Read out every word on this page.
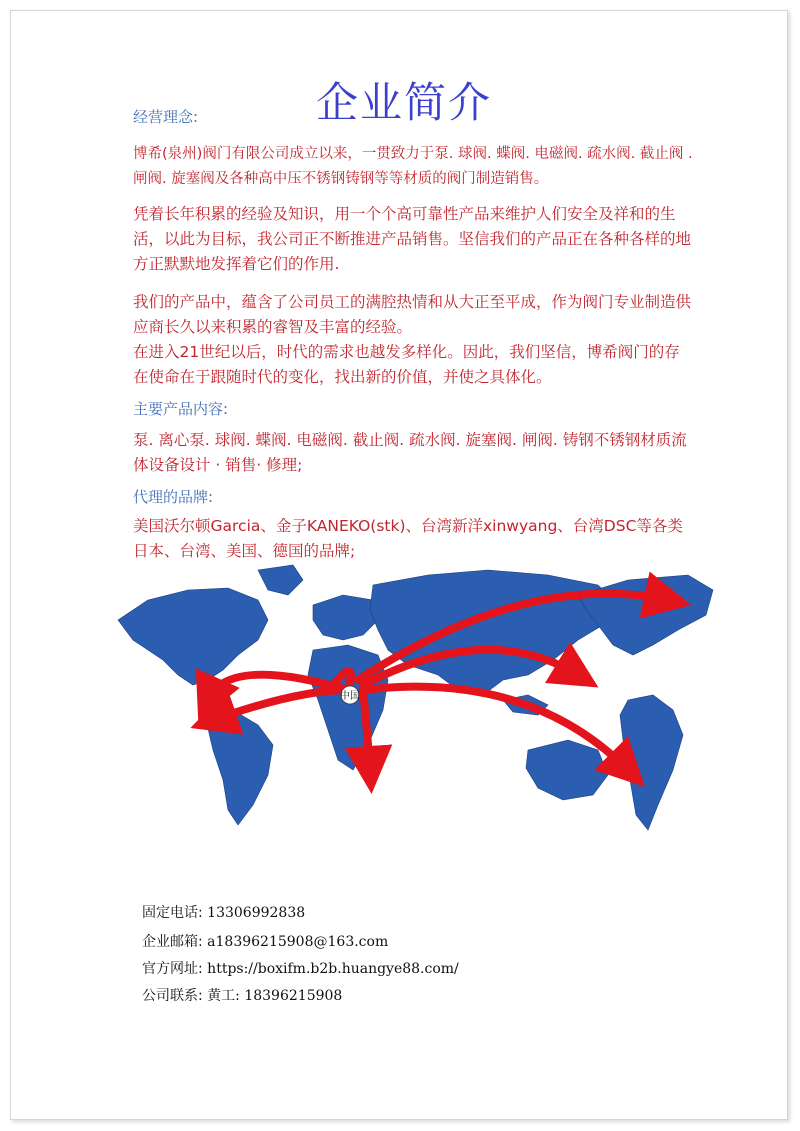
企业简介
经营理念:
博希(泉州)阀门有限公司成立以来，一贯致力于泵. 球阀. 蝶阀. 电磁阀. 疏水阀. 截止阀 . 闸阀. 旋塞阀及各种高中压不锈钢铸钢等等材质的阀门制造销售。
凭着长年积累的经验及知识，用一个个高可靠性产品来维护人们安全及祥和的生活，以此为目标，我公司正不断推进产品销售。坚信我们的产品正在各种各样的地方正默默地发挥着它们的作用.
我们的产品中，蕴含了公司员工的满腔热情和从大正至平成，作为阀门专业制造供应商长久以来积累的睿智及丰富的经验。
在进入21世纪以后，时代的需求也越发多样化。因此，我们坚信，博希阀门的存在使命在于跟随时代的变化，找出新的价值，并使之具体化。
主要产品内容:
泵. 离心泵. 球阀. 蝶阀. 电磁阀. 截止阀. 疏水阀. 旋塞阀. 闸阀. 铸钢不锈钢材质流体设备设计 · 销售· 修理;
代理的品牌:
美国沃尔顿Garcia、金子KANEKO(stk)、台湾新洋xinwyang、台湾DSC等各类日本、台湾、美国、德国的品牌;
中国
固定电话: 13306992838
企业邮箱: a18396215908@163.com
官方网址: https://boxifm.b2b.huangye88.com/
公司联系: 黄工: 18396215908
